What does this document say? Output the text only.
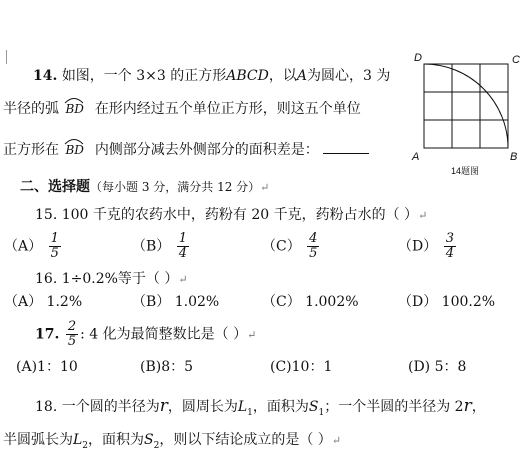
14. 如图，一个 3×3 的正方形ABCD，以A为圆心，3 为
半径的弧 BD 在形内经过五个单位正方形，则这五个单位
正方形在 BD 内侧部分减去外侧部分的面积差是：
D	C
A	B
14题图
二、选择题（每小题 3 分，满分共 12 分）↵
15. 100 千克的农药水中，药粉有 20 千克，药粉占水的（ ）↵
$(A) \frac{1}{5}$	$(B) \frac{1}{4}$	$(C) \frac{4}{5}$	$(D) \frac{3}{4}$
16. 1÷0.2%等于（ ）↵
（A） 1.2%	（B） 1.02%	（C） 1.002%	（D） 100.2%
17. $\frac{2}{5}$ : 4 化为最简整数比是（ ）↵
(A)1：10	(B)8：5	(C)10：1	(D) 5：8
18. 一个圆的半径为r，圆周长为$L_1$，面积为$S_1$；一个半圆的半径为 2r，
半圆弧长为$L_2$，面积为$S_2$，则以下结论成立的是（ ）↵
